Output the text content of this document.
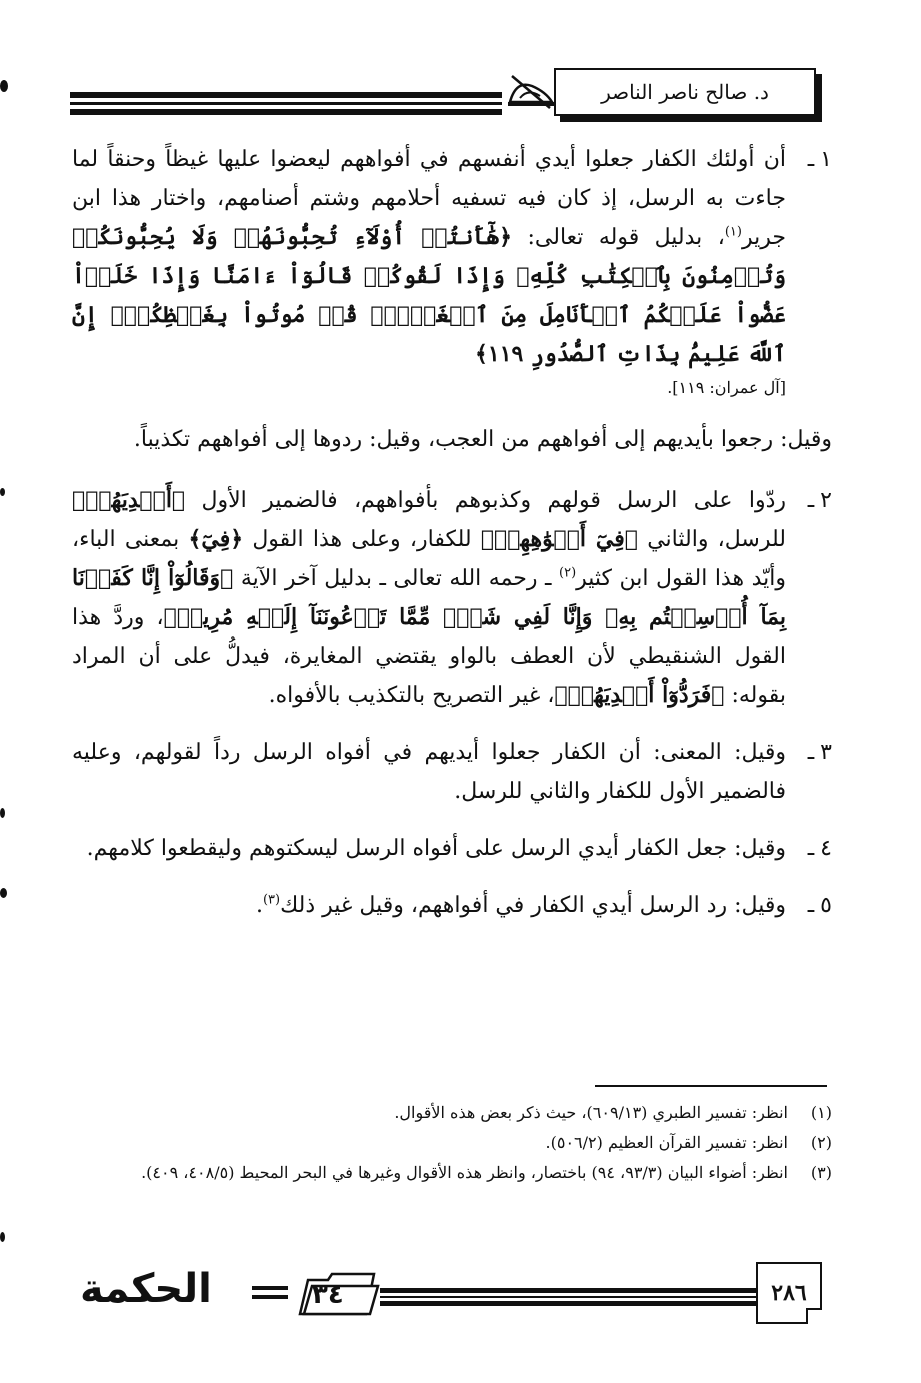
د. صالح ناصر الناصر
١ـ
أن أولئك الكفار جعلوا أيدي أنفسهم في أفواههم ليعضوا عليها غيظاً وحنقاً لما جاءت به الرسل، إذ كان فيه تسفيه أحلامهم وشتم أصنامهم، واختار هذا ابن جرير$^{(١)}$، بدليل قوله تعالى: ﴿هَٰٓأَنتُمۡ أُوْلَآءِ تُحِبُّونَهُمۡ وَلَا يُحِبُّونَكُمۡ وَتُؤۡمِنُونَ بِٱلۡكِتَٰبِ كُلِّهِۦ وَإِذَا لَقُوكُمۡ قَالُوٓاْ ءَامَنَّا وَإِذَا خَلَوۡاْ عَضُّواْ عَلَيۡكُمُ ٱلۡأَنَامِلَ مِنَ ٱلۡغَيۡظِۚ قُلۡ مُوتُواْ بِغَيۡظِكُمۡۗ إِنَّ ٱللَّهَ عَلِيمُۢ بِذَاتِ ٱلصُّدُورِ ١١٩﴾
[آل عمران: ١١٩].
وقيل: رجعوا بأيديهم إلى أفواههم من العجب، وقيل: ردوها إلى أفواههم تكذيباً.
٢ـ
ردّوا على الرسل قولهم وكذبوهم بأفواههم، فالضمير الأول ﴿أَيۡدِيَهُمۡ﴾ للرسل، والثاني ﴿فِيٓ أَفۡوَٰهِهِمۡ﴾ للكفار، وعلى هذا القول ﴿فِيٓ﴾ بمعنى الباء، وأيّد هذا القول ابن كثير$^{(٢)}$ ـ رحمه الله تعالى ـ بدليل آخر الآية ﴿وَقَالُوٓاْ إِنَّا كَفَرۡنَا بِمَآ أُرۡسِلۡتُم بِهِۦ وَإِنَّا لَفِي شَكّٖ مِّمَّا تَدۡعُونَنَآ إِلَيۡهِ مُرِيبٖ﴾، وردَّ هذا القول الشنقيطي لأن العطف بالواو يقتضي المغايرة، فيدلُّ على أن المراد بقوله: ﴿فَرَدُّوٓاْ أَيۡدِيَهُمۡ﴾، غير التصريح بالتكذيب بالأفواه.
٣ـ
وقيل: المعنى: أن الكفار جعلوا أيديهم في أفواه الرسل رداً لقولهم، وعليه فالضمير الأول للكفار والثاني للرسل.
٤ـ
وقيل: جعل الكفار أيدي الرسل على أفواه الرسل ليسكتوهم وليقطعوا كلامهم.
٥ـ
وقيل: رد الرسل أيدي الكفار في أفواههم، وقيل غير ذلك$^{(٣)}$.
(١)
انظر: تفسير الطبري (٦٠٩/١٣)، حيث ذكر بعض هذه الأقوال.
(٢)
انظر: تفسير القرآن العظيم (٥٠٦/٢).
(٣)
انظر: أضواء البيان (٩٣/٣، ٩٤) باختصار، وانظر هذه الأقوال وغيرها في البحر المحيط (٤٠٨/٥، ٤٠٩).
الحكمة	٣٤	٢٨٦
